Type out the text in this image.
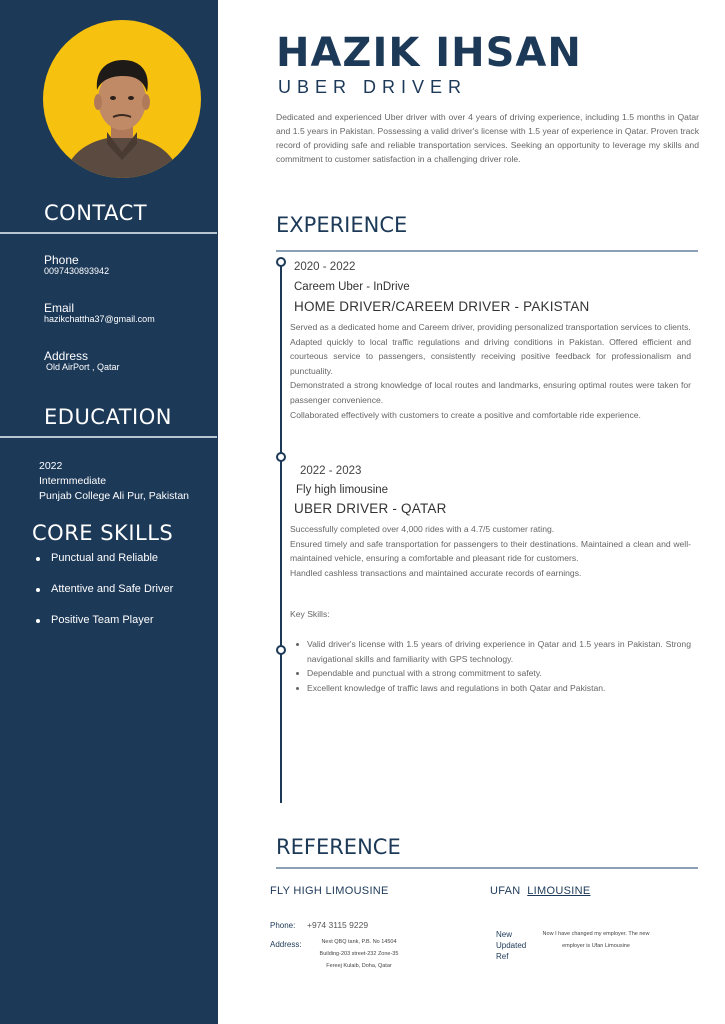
CONTACT
Phone
0097430893942
Email
hazikchattha37@gmail.com
Address
Old AirPort , Qatar
EDUCATION
2022
Intermmediate
Punjab College Ali Pur, Pakistan
CORE SKILLS
Punctual and Reliable
Attentive and Safe Driver
Positive Team Player
HAZIK IHSAN
UBER DRIVER
Dedicated and experienced Uber driver with over 4 years of driving experience, including 1.5 months in Qatar and 1.5 years in Pakistan. Possessing a valid driver's license with 1.5 year of experience in Qatar. Proven track record of providing safe and reliable transportation services. Seeking an opportunity to leverage my skills and commitment to customer satisfaction in a challenging driver role.
EXPERIENCE
2020 - 2022
Careem Uber - InDrive
HOME DRIVER/CAREEM DRIVER - PAKISTAN
Served as a dedicated home and Careem driver, providing personalized transportation services to clients.
Adapted quickly to local traffic regulations and driving conditions in Pakistan. Offered efficient and courteous service to passengers, consistently receiving positive feedback for professionalism and punctuality.
Demonstrated a strong knowledge of local routes and landmarks, ensuring optimal routes were taken for passenger convenience.
Collaborated effectively with customers to create a positive and comfortable ride experience.
2022 - 2023
Fly high limousine
UBER DRIVER - QATAR
Successfully completed over 4,000 rides with a 4.7/5 customer rating.
Ensured timely and safe transportation for passengers to their destinations. Maintained a clean and well-maintained vehicle, ensuring a comfortable and pleasant ride for customers.
Handled cashless transactions and maintained accurate records of earnings.
Key Skills:
Valid driver's license with 1.5 years of driving experience in Qatar and 1.5 years in Pakistan. Strong navigational skills and familiarity with GPS technology.
Dependable and punctual with a strong commitment to safety.
Excellent knowledge of traffic laws and regulations in both Qatar and Pakistan.
REFERENCE
FLY HIGH LIMOUSINE
Phone: +974 3115 9229
Address:	Next QBQ tank, P.B. No 14504
Building-203 street-232 Zone-35
Fereej Kulaib, Doha, Qatar
UFAN LIMOUSINE
New
Updated
Ref
Now I have changed my employer. The new
employer is Ufan Limousine
